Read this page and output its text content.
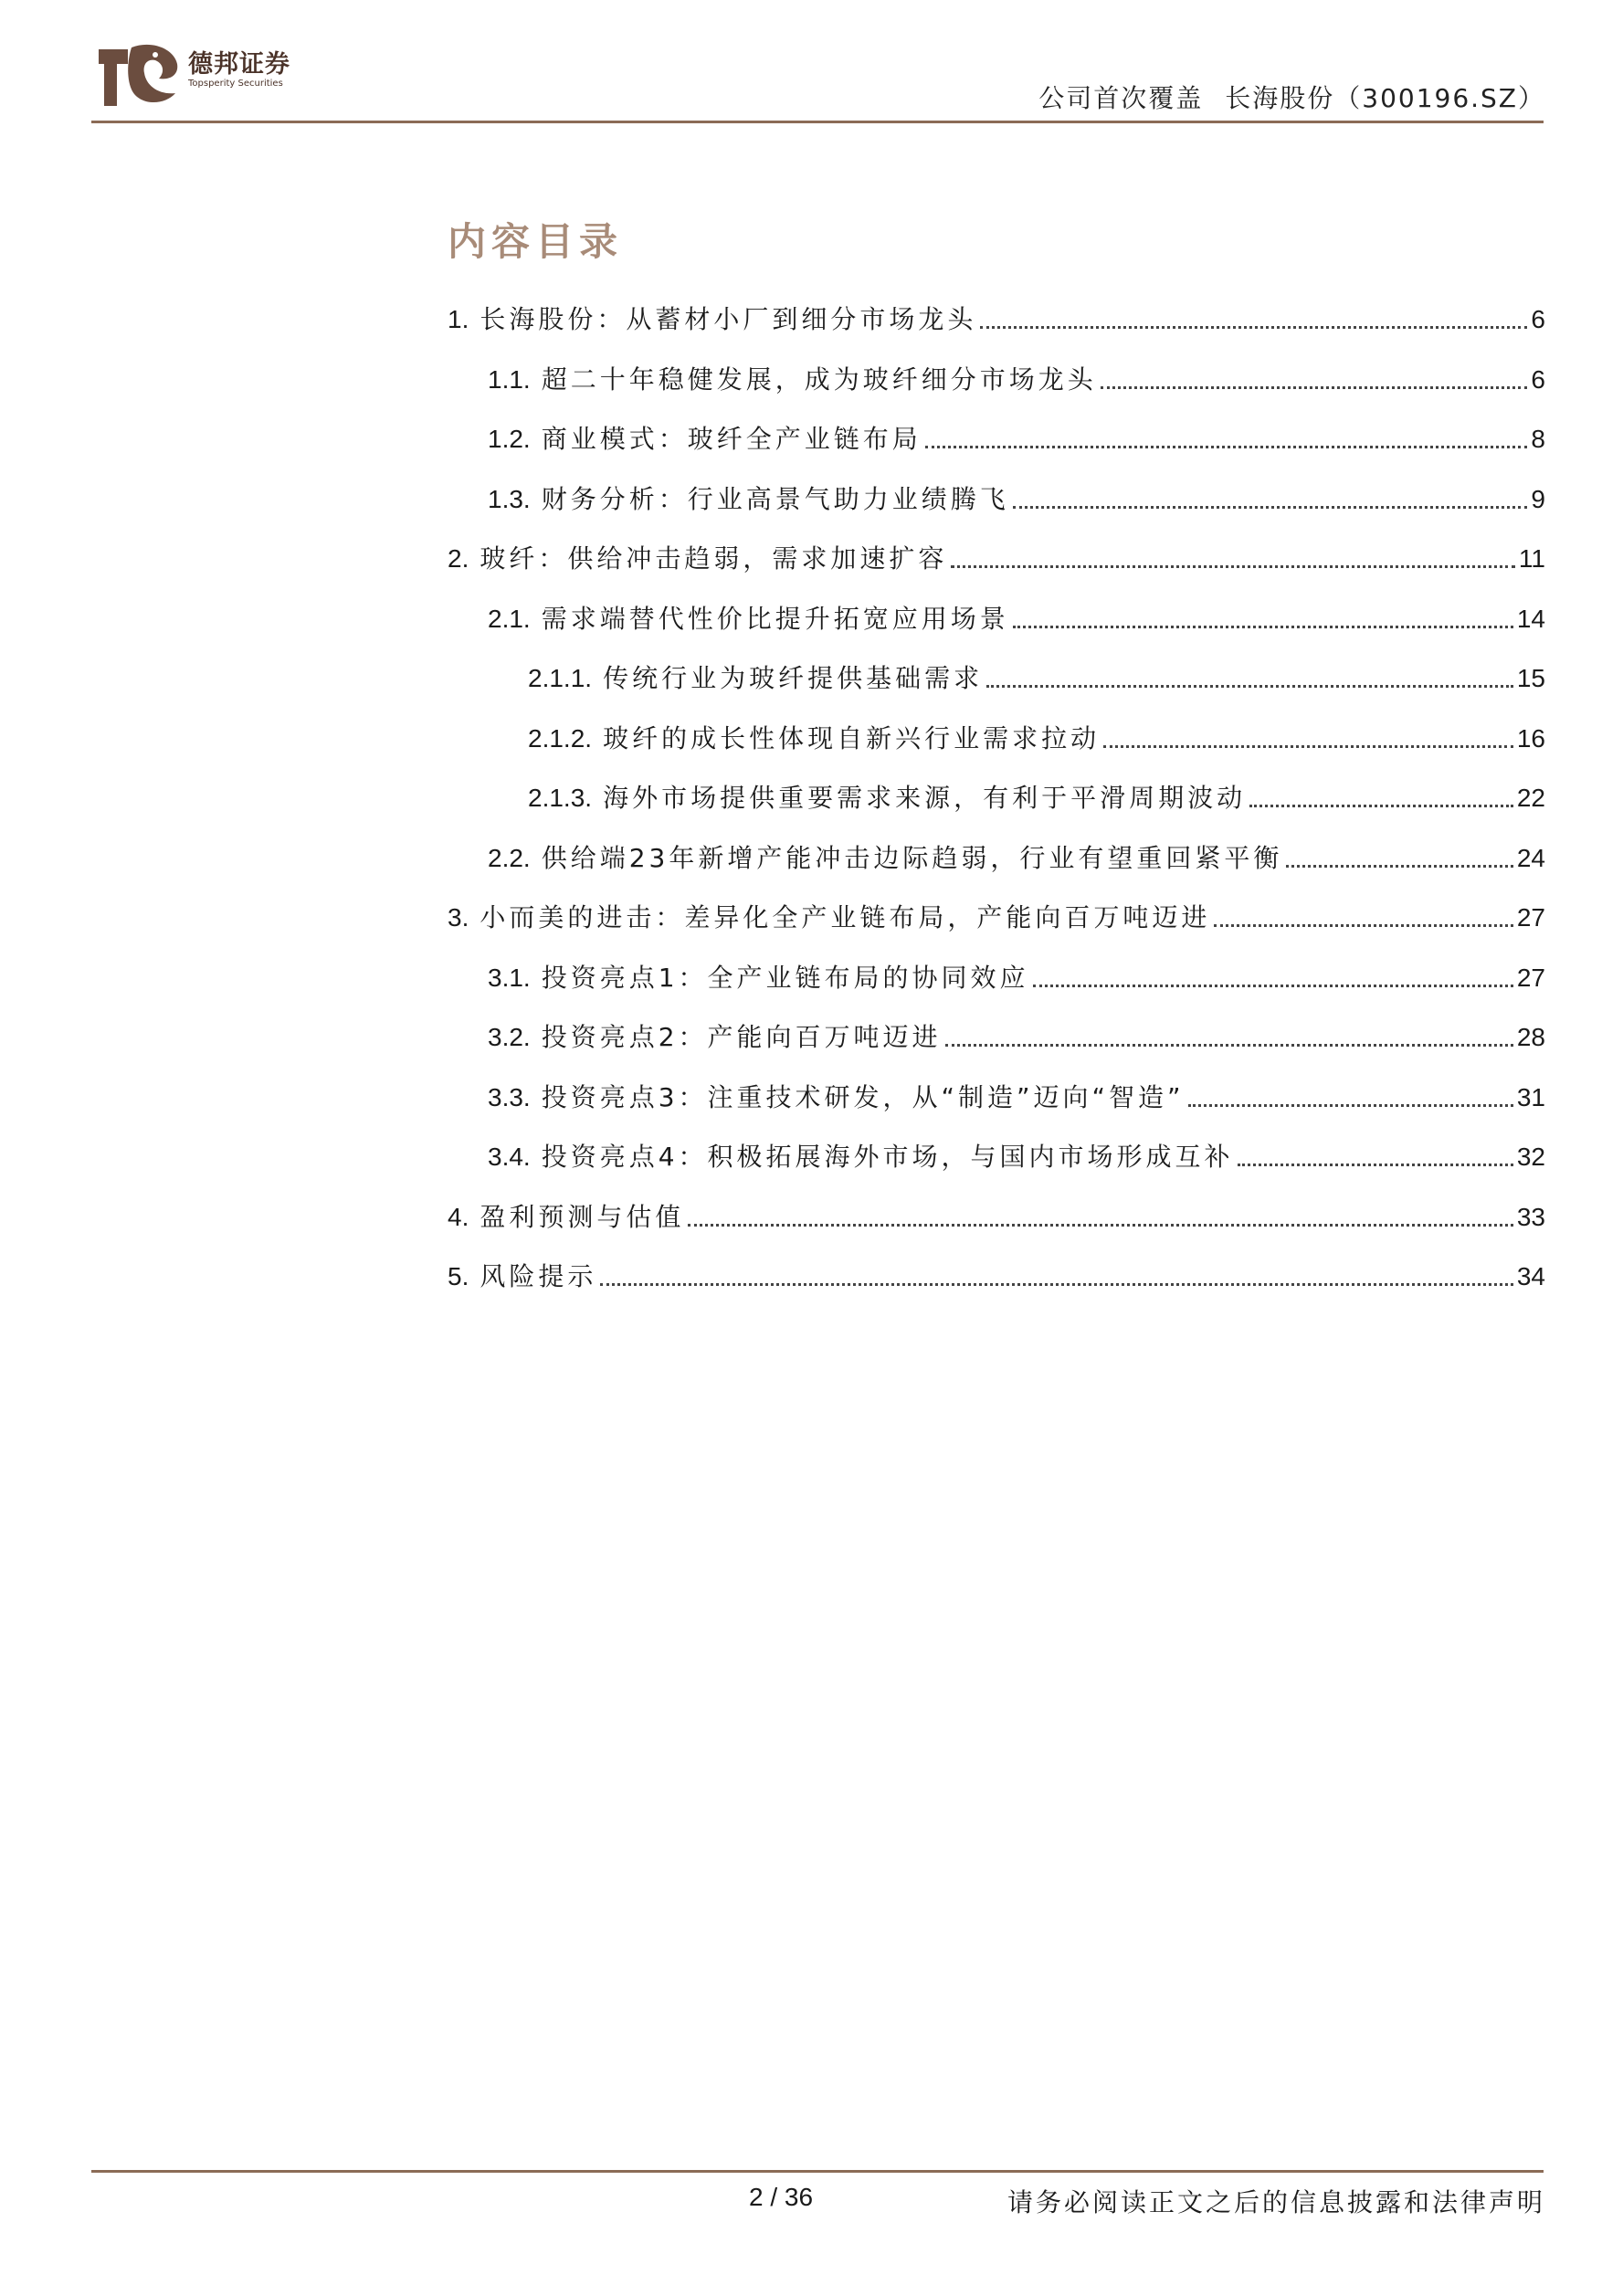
德邦证券
Topsperity Securities	公司首次覆盖 长海股份（300196.SZ）
内容目录
1. 长海股份：从蓄材小厂到细分市场龙头	6
1.1. 超二十年稳健发展，成为玻纤细分市场龙头	6
1.2. 商业模式：玻纤全产业链布局	8
1.3. 财务分析：行业高景气助力业绩腾飞	9
2. 玻纤：供给冲击趋弱，需求加速扩容	11
2.1. 需求端替代性价比提升拓宽应用场景	14
2.1.1. 传统行业为玻纤提供基础需求	15
2.1.2. 玻纤的成长性体现自新兴行业需求拉动	16
2.1.3. 海外市场提供重要需求来源，有利于平滑周期波动	22
2.2. 供给端23年新增产能冲击边际趋弱，行业有望重回紧平衡	24
3. 小而美的进击：差异化全产业链布局，产能向百万吨迈进	27
3.1. 投资亮点1：全产业链布局的协同效应	27
3.2. 投资亮点2：产能向百万吨迈进	28
3.3. 投资亮点3：注重技术研发，从“制造”迈向“智造”	31
3.4. 投资亮点4：积极拓展海外市场，与国内市场形成互补	32
4. 盈利预测与估值	33
5. 风险提示	34
2 / 36	请务必阅读正文之后的信息披露和法律声明
